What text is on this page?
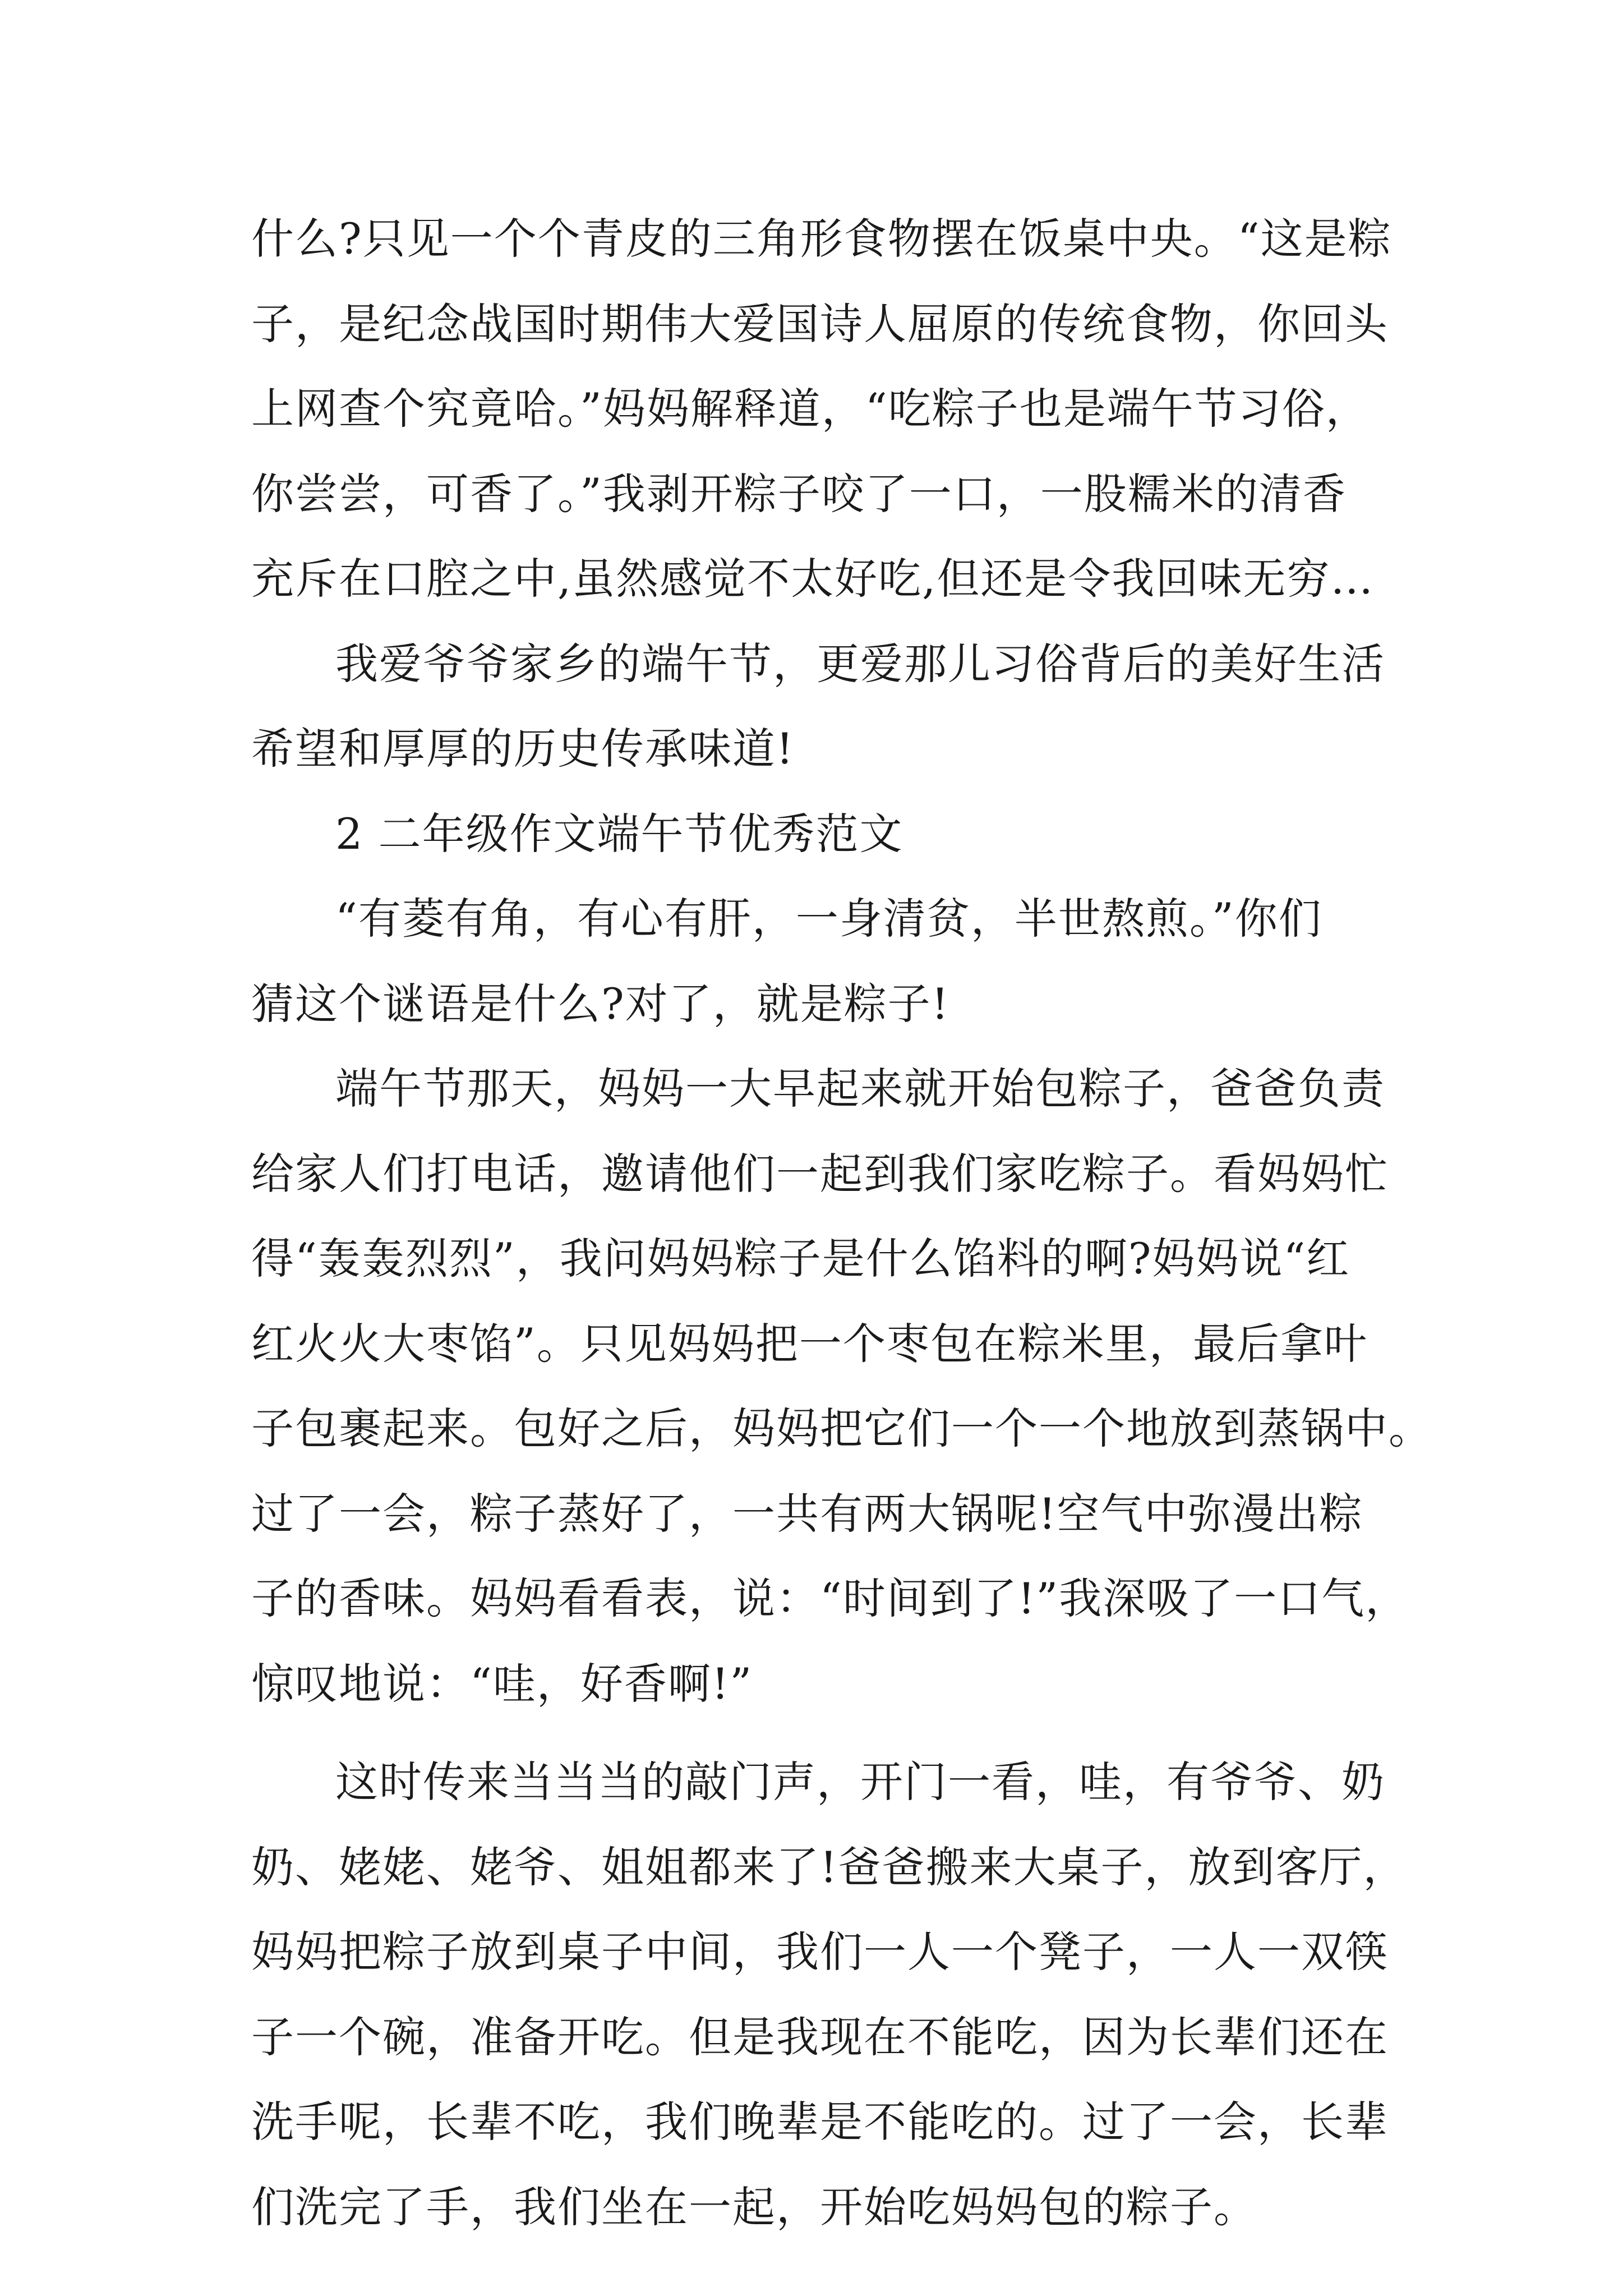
什么?只见一个个青皮的三角形食物摆在饭桌中央。“这是粽
子，是纪念战国时期伟大爱国诗人屈原的传统食物，你回头
上网查个究竟哈。”妈妈解释道，“吃粽子也是端午节习俗，
你尝尝，可香了。”我剥开粽子咬了一口，一股糯米的清香
充斥在口腔之中,虽然感觉不太好吃,但还是令我回味无穷…
我爱爷爷家乡的端午节，更爱那儿习俗背后的美好生活
希望和厚厚的历史传承味道!
2 二年级作文端午节优秀范文
“有菱有角，有心有肝，一身清贫，半世熬煎。”你们
猜这个谜语是什么?对了，就是粽子!
端午节那天，妈妈一大早起来就开始包粽子，爸爸负责
给家人们打电话，邀请他们一起到我们家吃粽子。看妈妈忙
得“轰轰烈烈”，我问妈妈粽子是什么馅料的啊?妈妈说“红
红火火大枣馅”。只见妈妈把一个枣包在粽米里，最后拿叶
子包裹起来。包好之后，妈妈把它们一个一个地放到蒸锅中。
过了一会，粽子蒸好了，一共有两大锅呢!空气中弥漫出粽
子的香味。妈妈看看表，说：“时间到了!”我深吸了一口气，
惊叹地说：“哇，好香啊!”
这时传来当当当的敲门声，开门一看，哇，有爷爷、奶
奶、姥姥、姥爷、姐姐都来了!爸爸搬来大桌子，放到客厅，
妈妈把粽子放到桌子中间，我们一人一个凳子，一人一双筷
子一个碗，准备开吃。但是我现在不能吃，因为长辈们还在
洗手呢，长辈不吃，我们晚辈是不能吃的。过了一会，长辈
们洗完了手，我们坐在一起，开始吃妈妈包的粽子。
